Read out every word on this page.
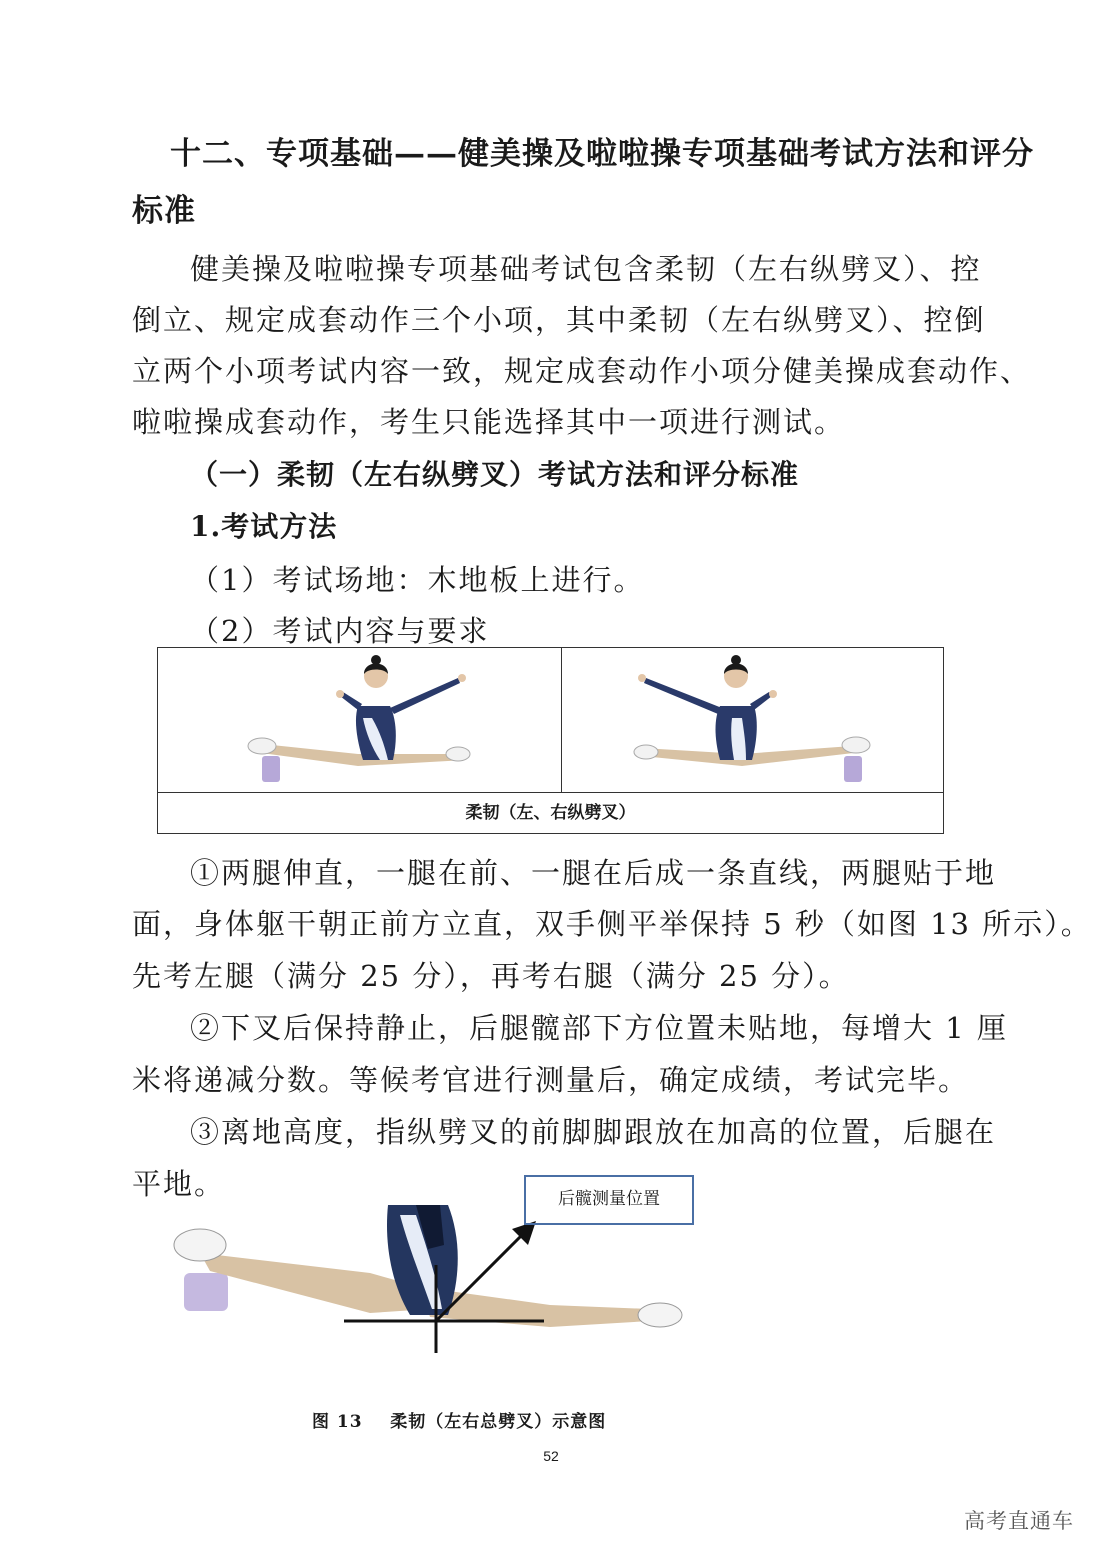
十二、专项基础——健美操及啦啦操专项基础考试方法和评分
标准
健美操及啦啦操专项基础考试包含柔韧（左右纵劈叉）、控
倒立、规定成套动作三个小项，其中柔韧（左右纵劈叉）、控倒
立两个小项考试内容一致，规定成套动作小项分健美操成套动作、
啦啦操成套动作，考生只能选择其中一项进行测试。
（一）柔韧（左右纵劈叉）考试方法和评分标准
1.考试方法
（1）考试场地：木地板上进行。
（2）考试内容与要求
柔韧（左、右纵劈叉）
①两腿伸直，一腿在前、一腿在后成一条直线，两腿贴于地
面，身体躯干朝正前方立直，双手侧平举保持 5 秒（如图 13 所示）。
先考左腿（满分 25 分），再考右腿（满分 25 分）。
②下叉后保持静止，后腿髋部下方位置未贴地，每增大 1 厘
米将递减分数。等候考官进行测量后，确定成绩，考试完毕。
③离地高度，指纵劈叉的前脚脚跟放在加高的位置，后腿在
平地。	后髋测量位置
图 13    柔韧（左右总劈叉）示意图
52
高考直通车
